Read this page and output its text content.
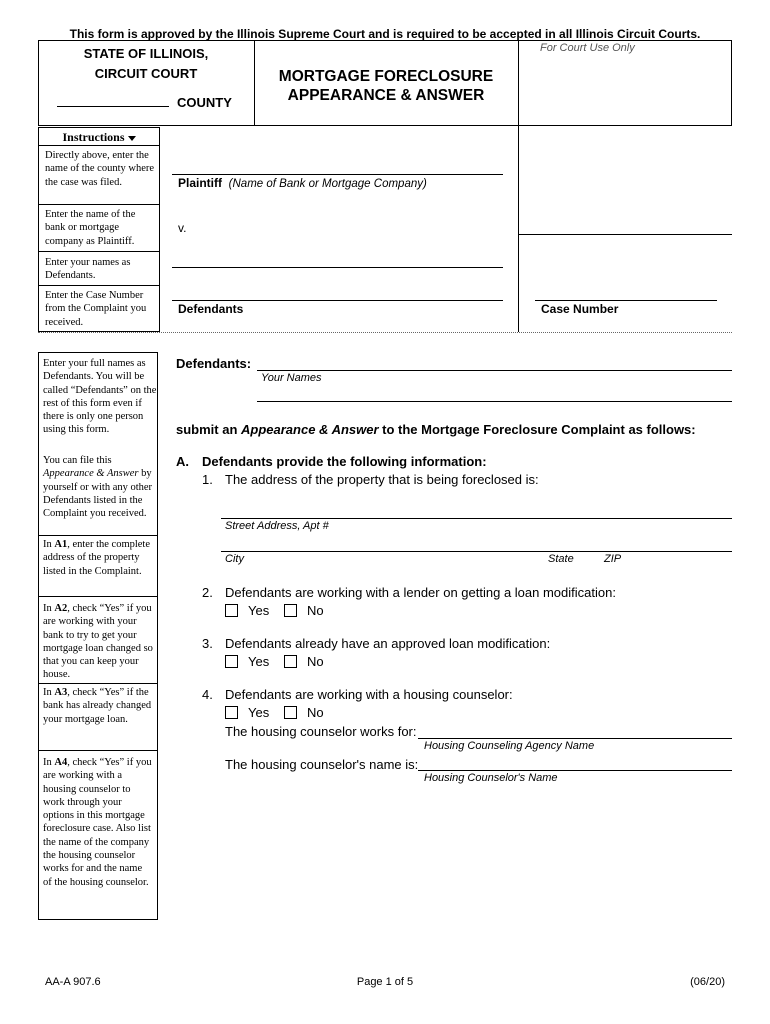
This form is approved by the Illinois Supreme Court and is required to be accepted in all Illinois Circuit Courts.
STATE OF ILLINOIS,
CIRCUIT COURT
COUNTY
MORTGAGE FORECLOSURE
APPEARANCE & ANSWER
For Court Use Only
Instructions
Directly above, enter the name of the county where the case was filed.
Enter the name of the bank or mortgage company as Plaintiff.
Enter your names as Defendants.
Enter the Case Number from the Complaint you received.
Plaintiff (Name of Bank or Mortgage Company)
v.
Defendants	Case Number
Enter your full names as Defendants. You will be called “Defendants” on the rest of this form even if there is only one person using this form.
You can file this Appearance & Answer by yourself or with any other Defendants listed in the Complaint you received.
In A1, enter the complete address of the property listed in the Complaint.
In A2, check “Yes” if you are working with your bank to try to get your mortgage loan changed so that you can keep your house.
In A3, check “Yes” if the bank has already changed your mortgage loan.
In A4, check “Yes” if you are working with a housing counselor to work through your options in this mortgage foreclosure case. Also list the name of the company the housing counselor works for and the name of the housing counselor.
Defendants:
Your Names
submit an Appearance & Answer to the Mortgage Foreclosure Complaint as follows:
A. Defendants provide the following information:
1. The address of the property that is being foreclosed is:
Street Address, Apt #
City	State	ZIP
2. Defendants are working with a lender on getting a loan modification:
Yes	No
3. Defendants already have an approved loan modification:
Yes	No
4. Defendants are working with a housing counselor:
Yes	No
The housing counselor works for:
Housing Counseling Agency Name
The housing counselor's name is:
Housing Counselor's Name
AA-A 907.6	Page 1 of 5	(06/20)
